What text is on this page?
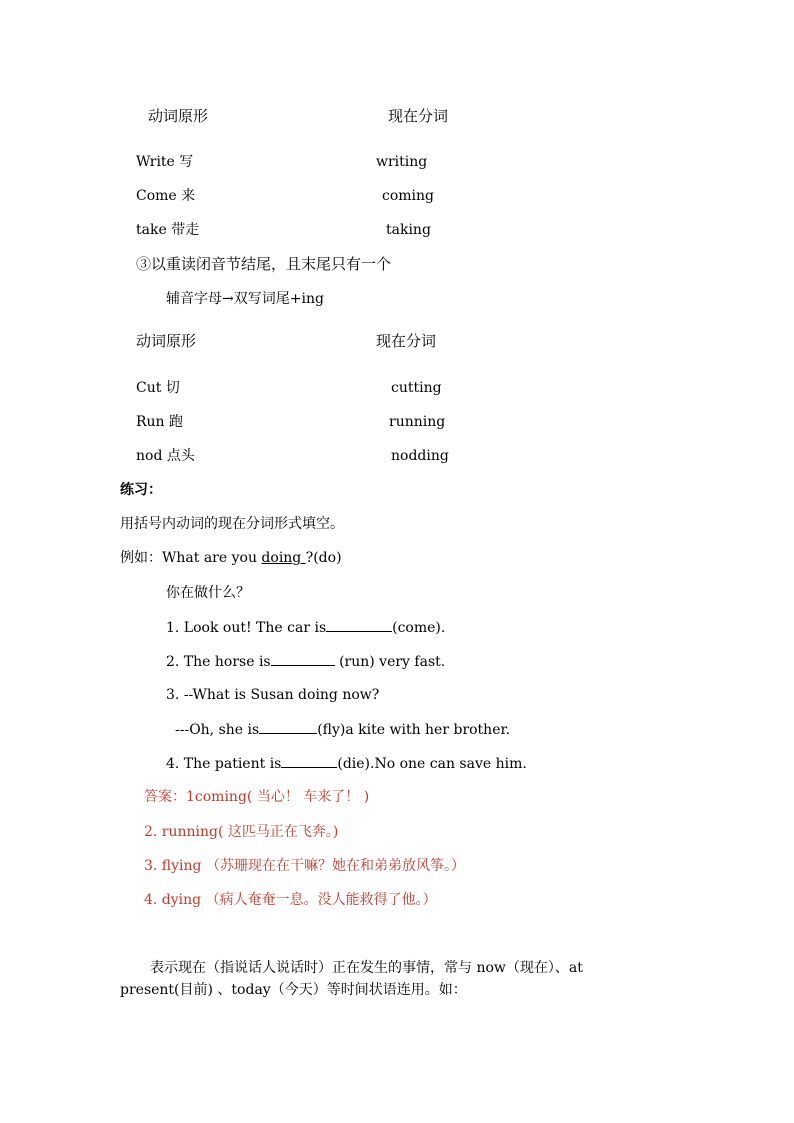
动词原形	现在分词
Write 写	writing
Come 来	coming
take 带走	taking
③以重读闭音节结尾，且末尾只有一个
辅音字母→双写词尾+ing
动词原形	现在分词
Cut 切	cutting
Run 跑	running
nod 点头	nodding
练习：
用括号内动词的现在分词形式填空。
例如：What are you doing ?(do)
你在做什么？
1. Look out! The car is	(come).
2. The horse is	(run) very fast.
3. --What is Susan doing now?
---Oh, she is	(fly)a kite with her brother.
4. The patient is	(die).No one can save him.
答案：1coming( 当心！ 车来了！ )
2. running( 这匹马正在飞奔。)
3. flying （苏珊现在在干嘛？她在和弟弟放风筝。）
4. dying （病人奄奄一息。没人能救得了他。）
表示现在（指说话人说话时）正在发生的事情，常与 now（现在）、at present(目前) 、today（今天）等时间状语连用。如：
